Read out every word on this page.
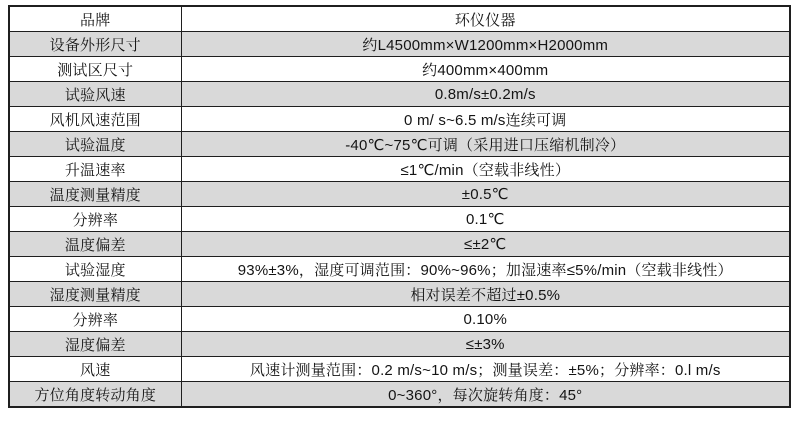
品牌	环仪仪器
设备外形尺寸	约L4500mm×W1200mm×H2000mm
测试区尺寸	约400mm×400mm
试验风速	0.8m/s±0.2m/s
风机风速范围	0 m/ s~6.5 m/s连续可调
试验温度	-40℃~75℃可调（采用进口压缩机制冷）
升温速率	≤1℃/min（空载非线性）
温度测量精度	±0.5℃
分辨率	0.1℃
温度偏差	≤±2℃
试验湿度	93%±3%，湿度可调范围：90%~96%；加湿速率≤5%/min（空载非线性）
湿度测量精度	相对误差不超过±0.5%
分辨率	0.10%
湿度偏差	≤±3%
风速	风速计测量范围：0.2 m/s~10 m/s；测量误差：±5%；分辨率：0.l m/s
方位角度转动角度	0~360°，每次旋转角度：45°
